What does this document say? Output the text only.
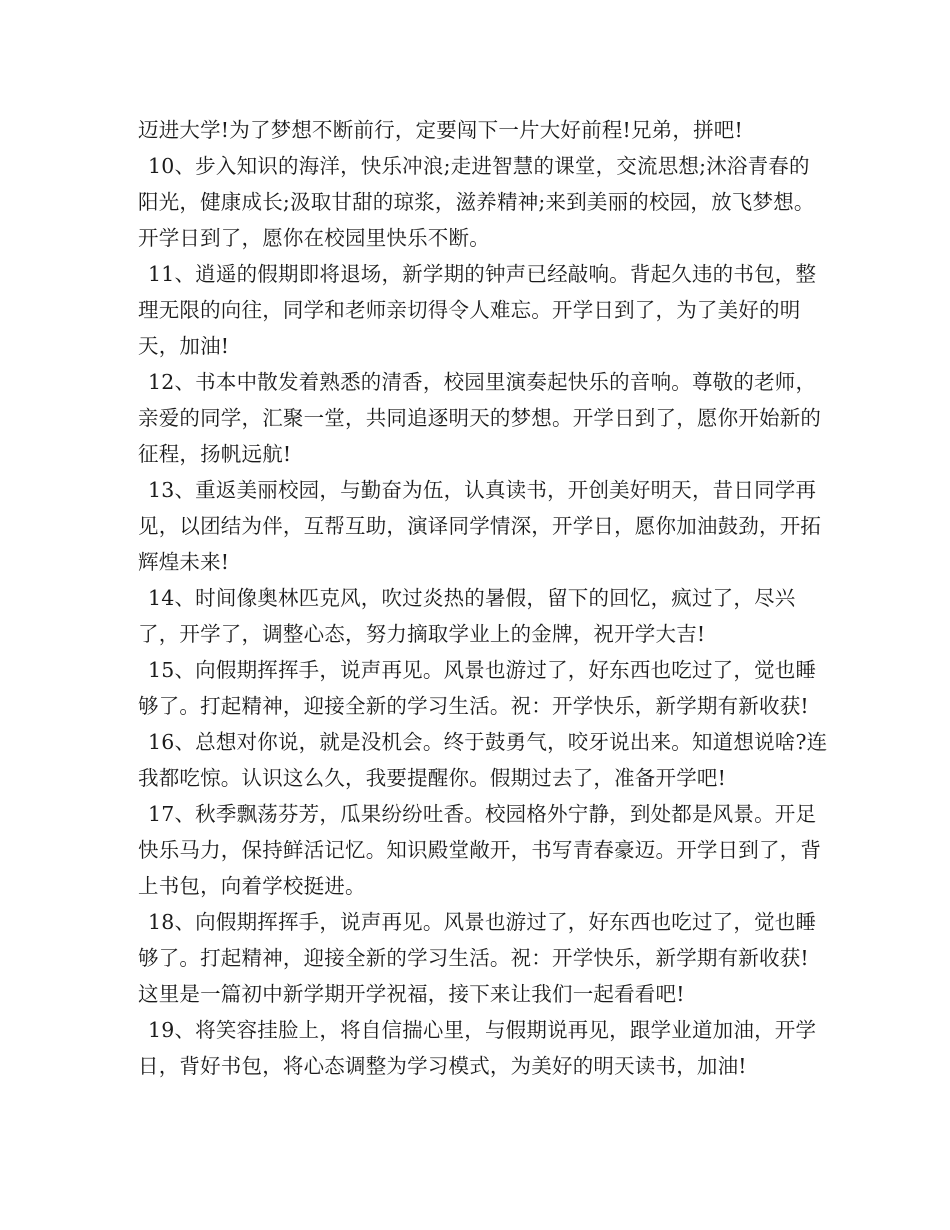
迈进大学!为了梦想不断前行，定要闯下一片大好前程!兄弟，拼吧!

10、步入知识的海洋，快乐冲浪;走进智慧的课堂，交流思想;沐浴青春的阳光，健康成长;汲取甘甜的琼浆，滋养精神;来到美丽的校园，放飞梦想。开学日到了，愿你在校园里快乐不断。

11、逍遥的假期即将退场，新学期的钟声已经敲响。背起久违的书包，整理无限的向往，同学和老师亲切得令人难忘。开学日到了，为了美好的明天，加油!

12、书本中散发着熟悉的清香，校园里演奏起快乐的音响。尊敬的老师，亲爱的同学，汇聚一堂，共同追逐明天的梦想。开学日到了，愿你开始新的征程，扬帆远航!

13、重返美丽校园，与勤奋为伍，认真读书，开创美好明天，昔日同学再见，以团结为伴，互帮互助，演译同学情深，开学日，愿你加油鼓劲，开拓辉煌未来!

14、时间像奥林匹克风，吹过炎热的暑假，留下的回忆，疯过了，尽兴了，开学了，调整心态，努力摘取学业上的金牌，祝开学大吉!

15、向假期挥挥手，说声再见。风景也游过了，好东西也吃过了，觉也睡够了。打起精神，迎接全新的学习生活。祝：开学快乐，新学期有新收获!

16、总想对你说，就是没机会。终于鼓勇气，咬牙说出来。知道想说啥?连我都吃惊。认识这么久，我要提醒你。假期过去了，准备开学吧!

17、秋季飘荡芬芳，瓜果纷纷吐香。校园格外宁静，到处都是风景。开足快乐马力，保持鲜活记忆。知识殿堂敞开，书写青春豪迈。开学日到了，背上书包，向着学校挺进。

18、向假期挥挥手，说声再见。风景也游过了，好东西也吃过了，觉也睡够了。打起精神，迎接全新的学习生活。祝：开学快乐，新学期有新收获!这里是一篇初中新学期开学祝福，接下来让我们一起看看吧!

19、将笑容挂脸上，将自信揣心里，与假期说再见，跟学业道加油，开学日，背好书包，将心态调整为学习模式，为美好的明天读书，加油!
